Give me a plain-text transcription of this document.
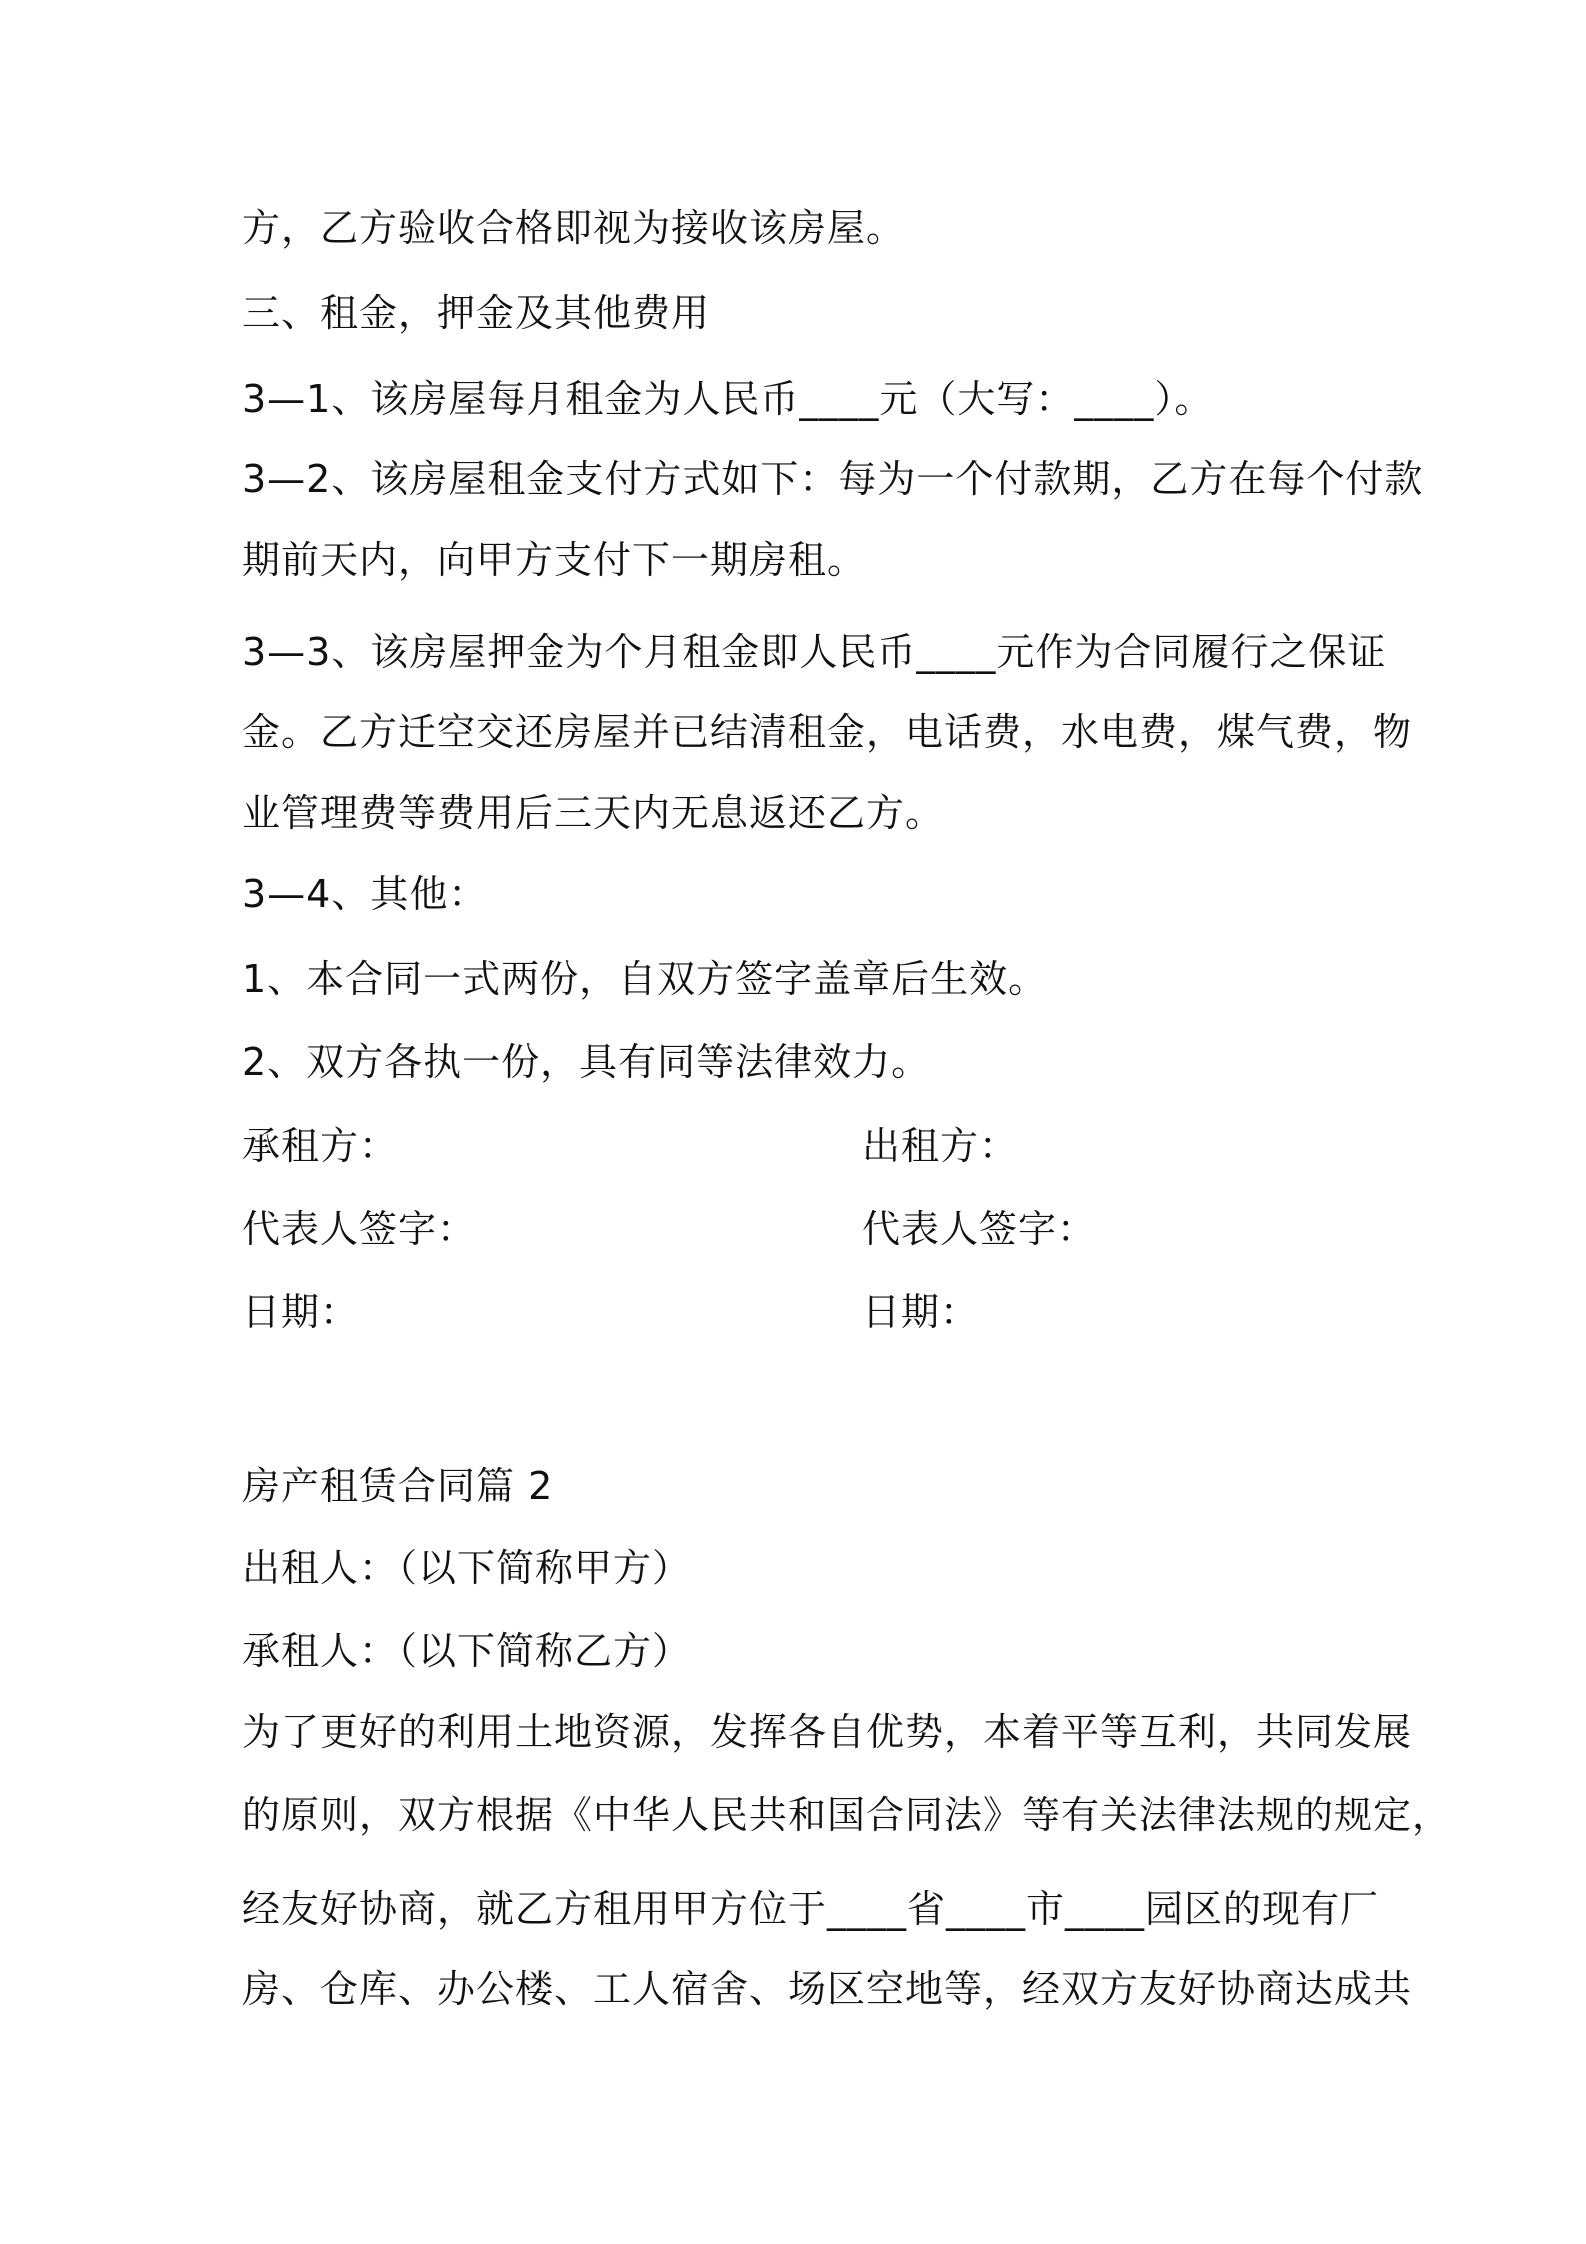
方，乙方验收合格即视为接收该房屋。
三、租金，押金及其他费用
3—1、该房屋每月租金为人民币____元（大写：____）。
3—2、该房屋租金支付方式如下：每为一个付款期，乙方在每个付款
期前天内，向甲方支付下一期房租。
3—3、该房屋押金为个月租金即人民币____元作为合同履行之保证
金。乙方迁空交还房屋并已结清租金，电话费，水电费，煤气费，物
业管理费等费用后三天内无息返还乙方。
3—4、其他：
1、本合同一式两份，自双方签字盖章后生效。
2、双方各执一份，具有同等法律效力。
承租方：	出租方：
代表人签字：	代表人签字：
日期：	日期：
房产租赁合同篇 2
出租人：（以下简称甲方）
承租人：（以下简称乙方）
为了更好的利用土地资源，发挥各自优势，本着平等互利，共同发展
的原则，双方根据《中华人民共和国合同法》等有关法律法规的规定，
经友好协商，就乙方租用甲方位于____省____市____园区的现有厂
房、仓库、办公楼、工人宿舍、场区空地等，经双方友好协商达成共
